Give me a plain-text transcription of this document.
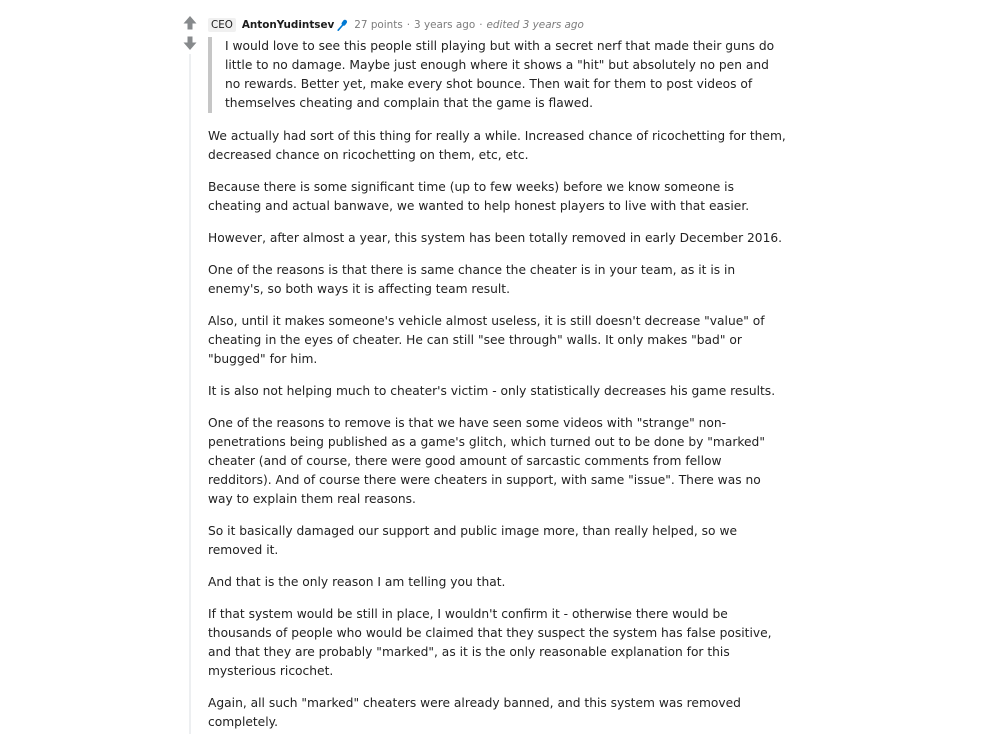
CEO AntonYudintsev 27 points · 3 years ago · edited 3 years ago

I would love to see this people still playing but with a secret nerf that made their guns do little to no damage. Maybe just enough where it shows a "hit" but absolutely no pen and no rewards. Better yet, make every shot bounce. Then wait for them to post videos of themselves cheating and complain that the game is flawed.

We actually had sort of this thing for really a while. Increased chance of ricochetting for them, decreased chance on ricochetting on them, etc, etc.

Because there is some significant time (up to few weeks) before we know someone is cheating and actual banwave, we wanted to help honest players to live with that easier.

However, after almost a year, this system has been totally removed in early December 2016.

One of the reasons is that there is same chance the cheater is in your team, as it is in enemy's, so both ways it is affecting team result.

Also, until it makes someone's vehicle almost useless, it is still doesn't decrease "value" of cheating in the eyes of cheater. He can still "see through" walls. It only makes "bad" or "bugged" for him.

It is also not helping much to cheater's victim - only statistically decreases his game results.

One of the reasons to remove is that we have seen some videos with "strange" non-penetrations being published as a game's glitch, which turned out to be done by "marked" cheater (and of course, there were good amount of sarcastic comments from fellow redditors). And of course there were cheaters in support, with same "issue". There was no way to explain them real reasons.

So it basically damaged our support and public image more, than really helped, so we removed it.

And that is the only reason I am telling you that.

If that system would be still in place, I wouldn't confirm it - otherwise there would be thousands of people who would be claimed that they suspect the system has false positive, and that they are probably "marked", as it is the only reasonable explanation for this mysterious ricochet.

Again, all such "marked" cheaters were already banned, and this system was removed completely.
